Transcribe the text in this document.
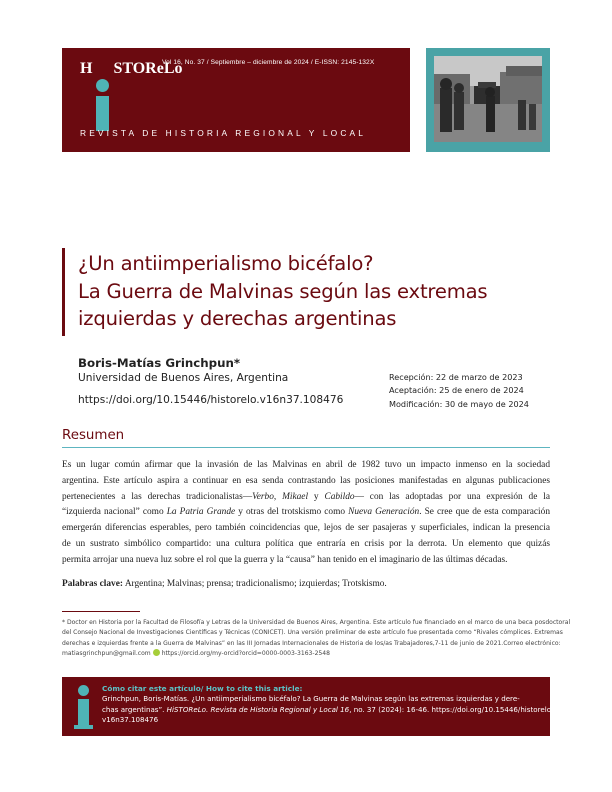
Vol 16, No. 37 / Septiembre – diciembre de 2024 / E-ISSN: 2145-132X
H STOReLo
REVISTA DE HISTORIA REGIONAL Y LOCAL
¿Un antiimperialismo bicéfalo?
La Guerra de Malvinas según las extremas
izquierdas y derechas argentinas
Boris-Matías Grinchpun*
Universidad de Buenos Aires, Argentina
https://doi.org/10.15446/historelo.v16n37.108476
Recepción: 22 de marzo de 2023
Aceptación: 25 de enero de 2024
Modificación: 30 de mayo de 2024
Resumen
Es un lugar común afirmar que la invasión de las Malvinas en abril de 1982 tuvo un impacto inmenso en la sociedad
argentina. Este artículo aspira a continuar en esa senda contrastando las posiciones manifestadas en algunas publicaciones
pertenecientes a las derechas tradicionalistas—Verbo, Mikael y Cabildo— con las adoptadas por una expresión de la
“izquierda nacional” como La Patria Grande y otras del trotskismo como Nueva Generación. Se cree que de esta comparación
emergerán diferencias esperables, pero también coincidencias que, lejos de ser pasajeras y superficiales, indican la presencia
de un sustrato simbólico compartido: una cultura política que entraría en crisis por la derrota. Un elemento que quizás
permita arrojar una nueva luz sobre el rol que la guerra y la “causa” han tenido en el imaginario de las últimas décadas.
Palabras clave: Argentina; Malvinas; prensa; tradicionalismo; izquierdas; Trotskismo.
* Doctor en Historia por la Facultad de Filosofía y Letras de la Universidad de Buenos Aires, Argentina. Este artículo fue financiado en el marco de una beca posdoctoral
del Consejo Nacional de Investigaciones Científicas y Técnicas (CONICET). Una versión preliminar de este artículo fue presentada como “Rivales cómplices. Extremas
derechas e izquierdas frente a la Guerra de Malvinas” en las III Jornadas Internacionales de Historia de los/as Trabajadores,7-11 de junio de 2021.Correo electrónico:
matiasgrinchpun@gmail.com https://orcid.org/my-orcid?orcid=0000-0003-3163-2548
Cómo citar este artículo/ How to cite this article:
Grinchpun, Boris-Matías. ¿Un antiimperialismo bicéfalo? La Guerra de Malvinas según las extremas izquierdas y dere-
chas argentinas”. HiSTOReLo. Revista de Historia Regional y Local 16, no. 37 (2024): 16-46. https://doi.org/10.15446/historelo.
v16n37.108476
